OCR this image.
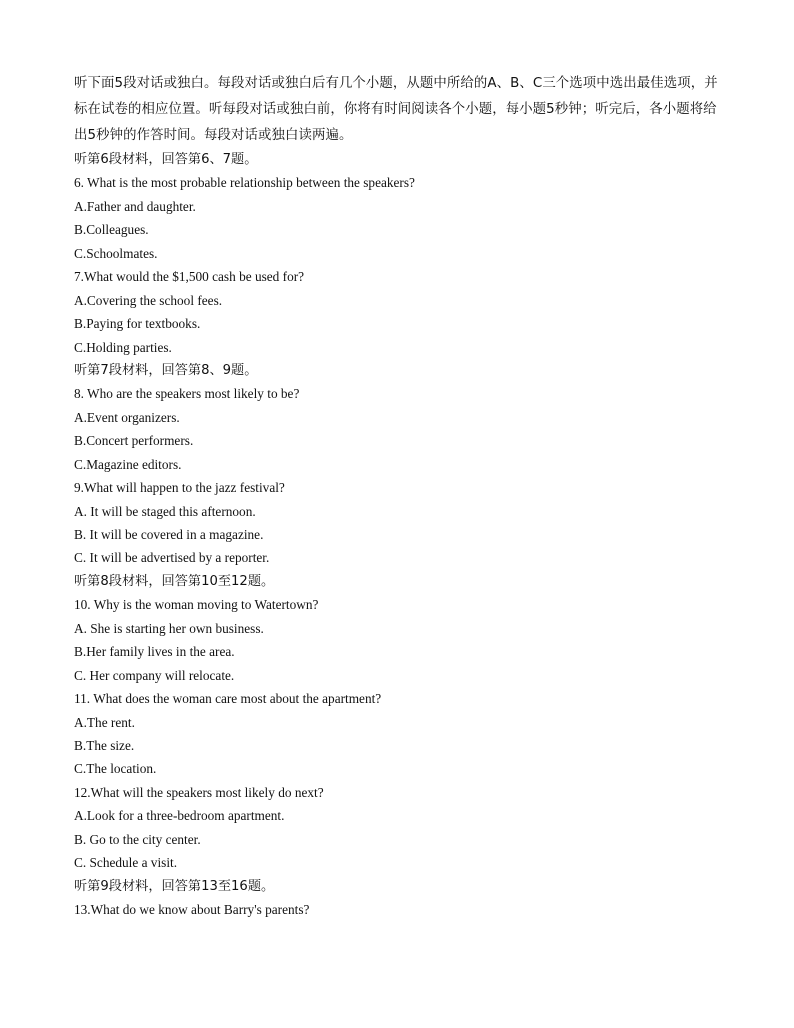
听下面5段对话或独白。每段对话或独白后有几个小题，从题中所给的A、B、C三个选项中选出最佳选项，并标在试卷的相应位置。听每段对话或独白前，你将有时间阅读各个小题，每小题5秒钟；听完后，各小题将给出5秒钟的作答时间。每段对话或独白读两遍。
听第6段材料，回答第6、7题。
6. What is the most probable relationship between the speakers?
A.Father and daughter.
B.Colleagues.
C.Schoolmates.
7.What would the $1,500 cash be used for?
A.Covering the school fees.
B.Paying for textbooks.
C.Holding parties.
听第7段材料，回答第8、9题。
8. Who are the speakers most likely to be?
A.Event organizers.
B.Concert performers.
C.Magazine editors.
9.What will happen to the jazz festival?
A. It will be staged this afternoon.
B. It will be covered in a magazine.
C. It will be advertised by a reporter.
听第8段材料，回答第10至12题。
10. Why is the woman moving to Watertown?
A. She is starting her own business.
B.Her family lives in the area.
C. Her company will relocate.
11. What does the woman care most about the apartment?
A.The rent.
B.The size.
C.The location.
12.What will the speakers most likely do next?
A.Look for a three-bedroom apartment.
B. Go to the city center.
C. Schedule a visit.
听第9段材料，回答第13至16题。
13.What do we know about Barry's parents?
